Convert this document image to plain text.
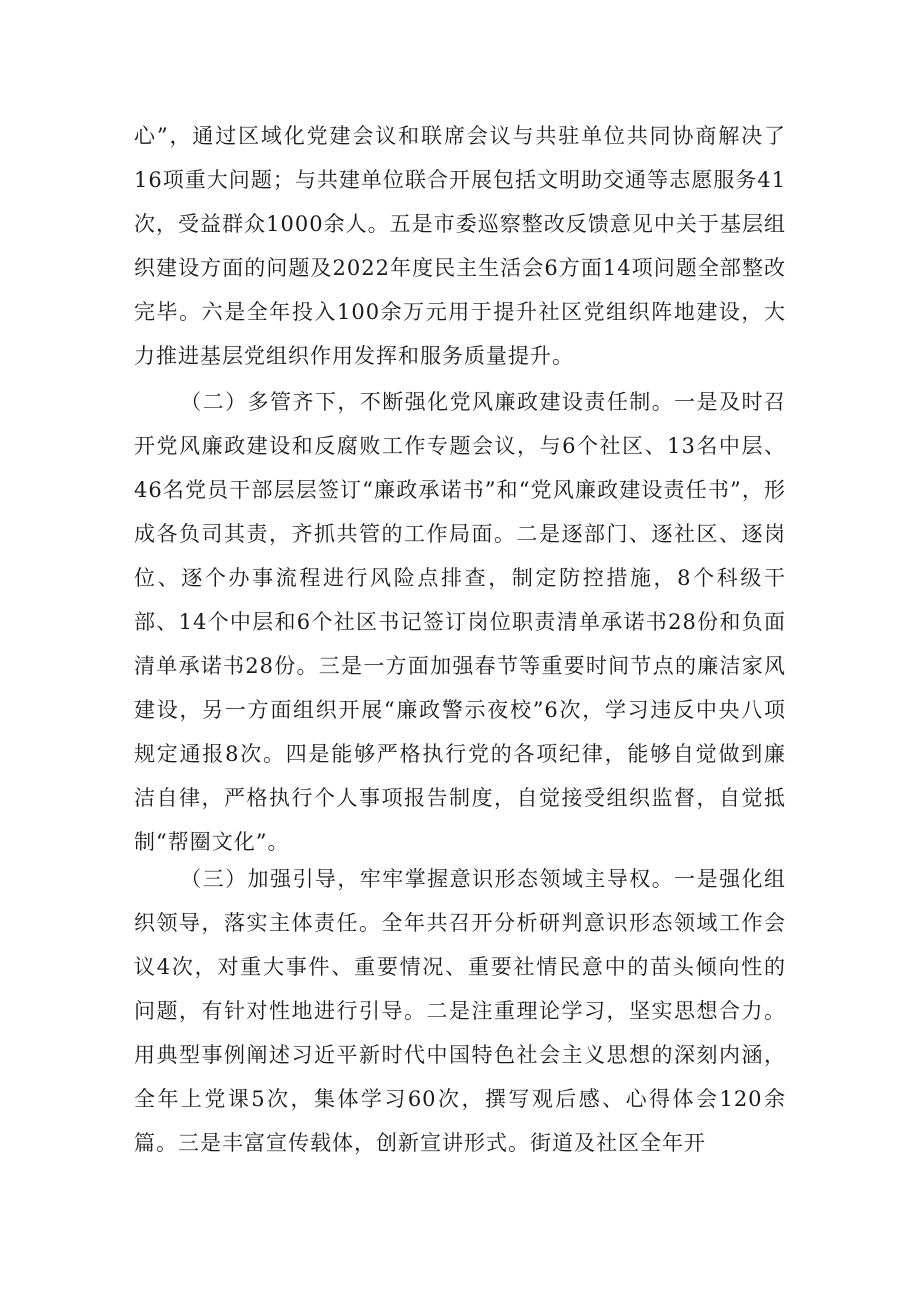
心”，通过区域化党建会议和联席会议与共驻单位共同协商解决了16项重大问题；与共建单位联合开展包括文明助交通等志愿服务41次，受益群众1000余人。五是市委巡察整改反馈意见中关于基层组织建设方面的问题及2022年度民主生活会6方面14项问题全部整改完毕。六是全年投入100余万元用于提升社区党组织阵地建设，大力推进基层党组织作用发挥和服务质量提升。

（二）多管齐下，不断强化党风廉政建设责任制。一是及时召开党风廉政建设和反腐败工作专题会议，与6个社区、13名中层、46名党员干部层层签订“廉政承诺书”和“党风廉政建设责任书”，形成各负司其责，齐抓共管的工作局面。二是逐部门、逐社区、逐岗位、逐个办事流程进行风险点排查，制定防控措施，8个科级干部、14个中层和6个社区书记签订岗位职责清单承诺书28份和负面清单承诺书28份。三是一方面加强春节等重要时间节点的廉洁家风建设，另一方面组织开展“廉政警示夜校”6次，学习违反中央八项规定通报8次。四是能够严格执行党的各项纪律，能够自觉做到廉洁自律，严格执行个人事项报告制度，自觉接受组织监督，自觉抵制“帮圈文化”。

（三）加强引导，牢牢掌握意识形态领域主导权。一是强化组织领导，落实主体责任。全年共召开分析研判意识形态领域工作会议4次，对重大事件、重要情况、重要社情民意中的苗头倾向性的问题，有针对性地进行引导。二是注重理论学习，坚实思想合力。用典型事例阐述习近平新时代中国特色社会主义思想的深刻内涵，全年上党课5次，集体学习60次，撰写观后感、心得体会120余篇。三是丰富宣传载体，创新宣讲形式。街道及社区全年开
